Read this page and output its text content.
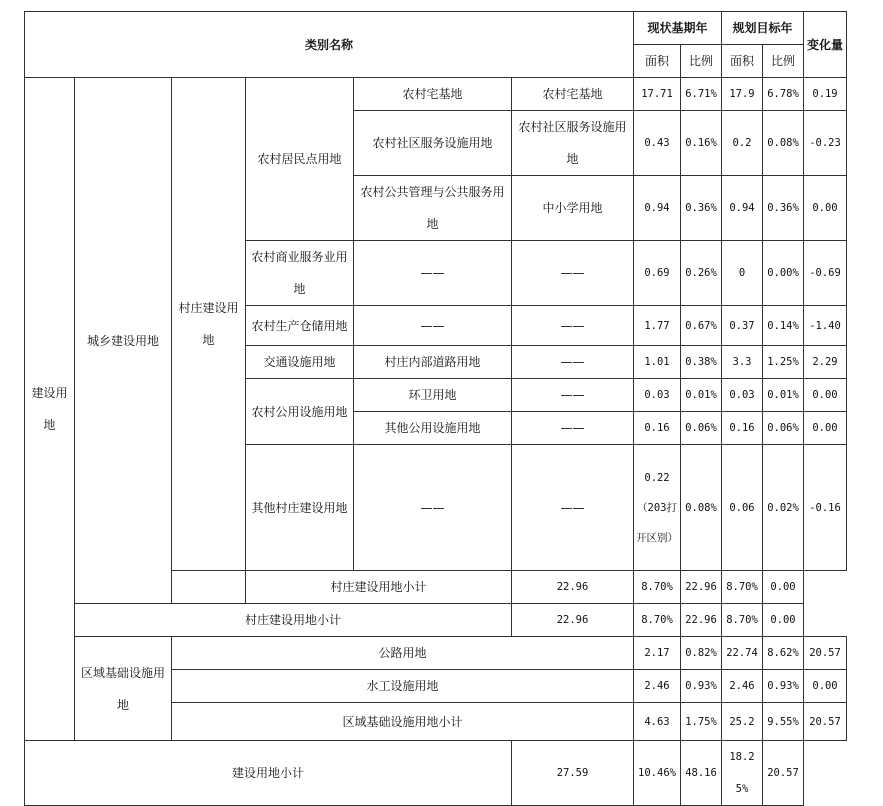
类别名称						现状基期年		规划目标年		变化量
						面积	比例	面积	比例	
建设用地	城乡建设用地	村庄建设用地	农村居民点用地	农村宅基地	农村宅基地	17.71	6.71%	17.9	6.78%	0.19
				农村社区服务设施用地	农村社区服务设施用地	0.43	0.16%	0.2	0.08%	-0.23
				农村公共管理与公共服务用地	中小学用地	0.94	0.36%	0.94	0.36%	0.00
			农村商业服务业用地	——	——	0.69	0.26%	0	0.00%	-0.69
			农村生产仓储用地	——	——	1.77	0.67%	0.37	0.14%	-1.40
			交通设施用地	村庄内部道路用地	——	1.01	0.38%	3.3	1.25%	2.29
			农村公用设施用地	环卫用地	——	0.03	0.01%	0.03	0.01%	0.00
				其他公用设施用地	——	0.16	0.06%	0.16	0.06%	0.00
			其他村庄建设用地	——	——	0.22（203打开区别）	0.08%	0.06	0.02%	-0.16
			村庄建设用地小计		22.96	8.70%	22.96	8.70%	0.00	
	村庄建设用地小计				22.96	8.70%	22.96	8.70%	0.00	
	区域基础设施用地	公路用地				2.17	0.82%	22.74	8.62%	20.57
		水工设施用地				2.46	0.93%	2.46	0.93%	0.00
		区域基础设施用地小计				4.63	1.75%	25.2	9.55%	20.57
建设用地小计					27.59	10.46%	48.16	18.25%	20.57	
